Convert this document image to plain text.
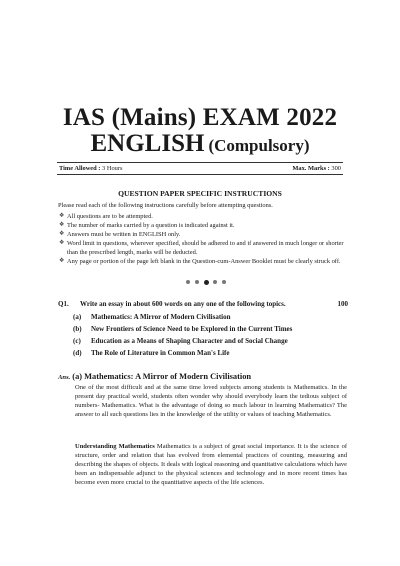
IAS (Mains) EXAM 2022
ENGLISH (Compulsory)
Time Allowed : 3 Hours	Max. Marks : 300
QUESTION PAPER SPECIFIC INSTRUCTIONS
Please read each of the following instructions carefully before attempting questions.
❖ All questions are to be attempted.
❖ The number of marks carried by a question is indicated against it.
❖ Answers must be written in ENGLISH only.
❖ Word limit in questions, wherever specified, should be adhered to and if answered in much longer or shorter than the prescribed length, marks will be deducted.
❖ Any page or portion of the page left blank in the Question-cum-Answer Booklet must be clearly struck off.
Q1. Write an essay in about 600 words on any one of the following topics.	100
(a) Mathematics: A Mirror of Modern Civilisation
(b) New Frontiers of Science Need to be Explored in the Current Times
(c) Education as a Means of Shaping Character and of Social Change
(d) The Role of Literature in Common Man's Life
Ans. (a) Mathematics: A Mirror of Modern Civilisation
One of the most difficult and at the same time loved subjects among students is Mathematics. In the present day practical world, students often wonder why should everybody learn the tedious subject of numbers- Mathematics. What is the advantage of doing so much labour in learning Mathematics? The answer to all such questions lies in the knowledge of the utility or values of teaching Mathematics.
Understanding Mathematics Mathematics is a subject of great social importance. It is the science of structure, order and relation that has evolved from elemental practices of counting, measuring and describing the shapes of objects. It deals with logical reasoning and quantitative calculations which have been an indispensable adjunct to the physical sciences and technology and in more recent times has become even more crucial to the quantitative aspects of the life sciences.
